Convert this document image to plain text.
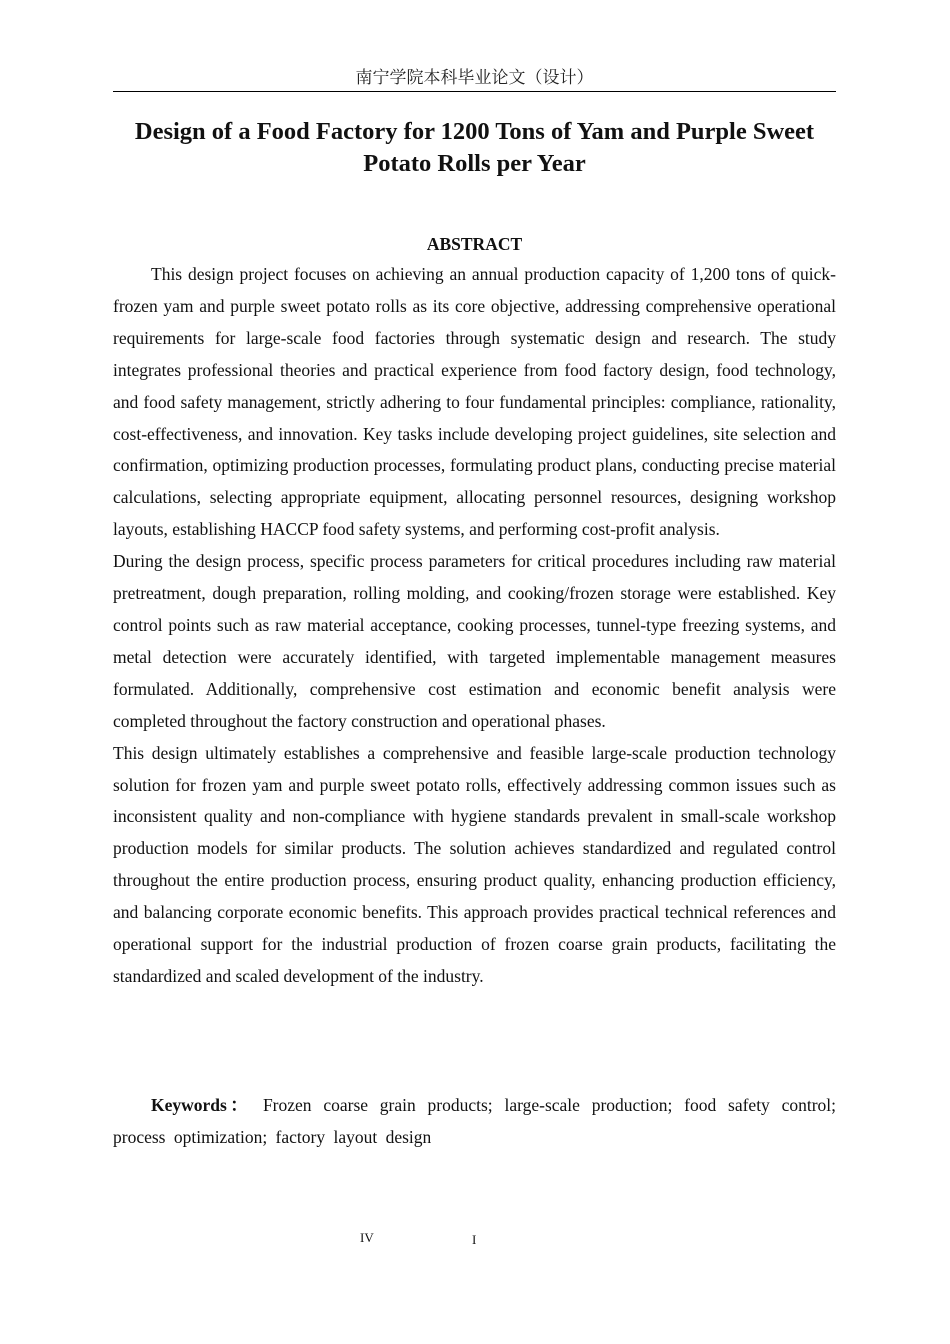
南宁学院本科毕业论文（设计）
Design of a Food Factory for 1200 Tons of Yam and Purple Sweet Potato Rolls per Year
ABSTRACT

This design project focuses on achieving an annual production capacity of 1,200 tons of quick-frozen yam and purple sweet potato rolls as its core objective, addressing comprehensive operational requirements for large-scale food factories through systematic design and research. The study integrates professional theories and practical experience from food factory design, food technology, and food safety management, strictly adhering to four fundamental principles: compliance, rationality, cost-effectiveness, and innovation. Key tasks include developing project guidelines, site selection and confirmation, optimizing production processes, formulating product plans, conducting precise material calculations, selecting appropriate equipment, allocating personnel resources, designing workshop layouts, establishing HACCP food safety systems, and performing cost-profit analysis.

During the design process, specific process parameters for critical procedures including raw material pretreatment, dough preparation, rolling molding, and cooking/frozen storage were established. Key control points such as raw material acceptance, cooking processes, tunnel-type freezing systems, and metal detection were accurately identified, with targeted implementable management measures formulated. Additionally, comprehensive cost estimation and economic benefit analysis were completed throughout the factory construction and operational phases.

This design ultimately establishes a comprehensive and feasible large-scale production technology solution for frozen yam and purple sweet potato rolls, effectively addressing common issues such as inconsistent quality and non-compliance with hygiene standards prevalent in small-scale workshop production models for similar products. The solution achieves standardized and regulated control throughout the entire production process, ensuring product quality, enhancing production efficiency, and balancing corporate economic benefits. This approach provides practical technical references and operational support for the industrial production of frozen coarse grain products, facilitating the standardized and scaled development of the industry.

Keywords： Frozen coarse grain products; large-scale production; food safety control; process optimization; factory layout design
IV	I
